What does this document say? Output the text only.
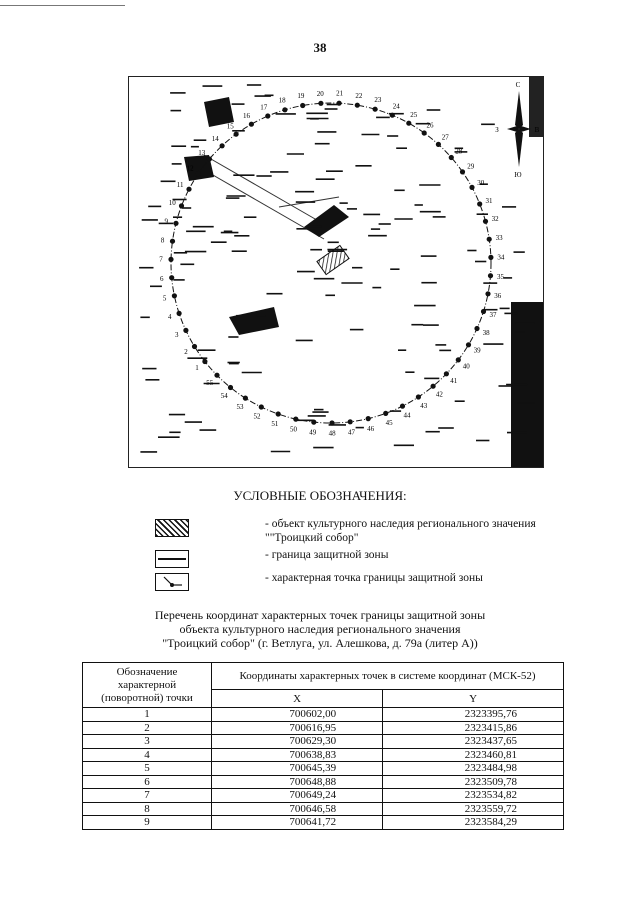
38
1
2
3
4
5
6
7
8
9
10
11
12
13
14
15
16
17
18
19 20 21 22
23
24
25
26
27
28
29
30
31
32
33
34
35
36
37
38
39
40
41
42
43
44
45
46
47
48
49
50
51
52
53
54
55
С
Ю
З	В
УСЛОВНЫЕ ОБОЗНАЧЕНИЯ:
- объект культурного наследия регионального значения ""Троицкий собор"
- граница защитной зоны
- характерная точка границы защитной зоны
Перечень координат характерных точек границы защитной зоны
объекта культурного наследия регионального значения
"Троицкий собор" (г. Ветлуга, ул. Алешкова, д. 79а (литер А))
Обозначение характерной (поворотной) точки	Координаты характерных точек в системе координат (МСК-52)	
	X	Y
1	700602,00	2323395,76
2	700616,95	2323415,86
3	700629,30	2323437,65
4	700638,83	2323460,81
5	700645,39	2323484,98
6	700648,88	2323509,78
7	700649,24	2323534,82
8	700646,58	2323559,72
9	700641,72	2323584,29
